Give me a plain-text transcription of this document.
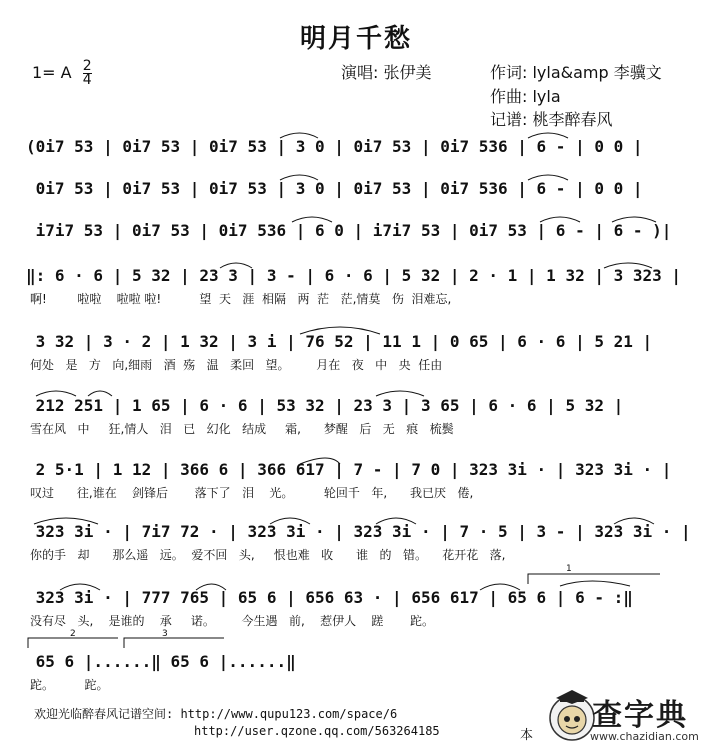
明月千愁
1= A $\frac{2}{4}$	演唱: 张伊美	作词: lyla&amp 李骥文
作曲: lyla
记谱: 桃李醉春风
(0i7 53 | 0i7 53 | 0i7 53 | 3 0 | 0i7 53 | 0i7 536 | 6 - | 0 0 |
0i7 53 | 0i7 53 | 0i7 53 | 3 0 | 0i7 53 | 0i7 536 | 6 - | 0 0 |
i7i7 53 | 0i7 53 | 0i7 536 | 6 0 | i7i7 53 | 0i7 53 | 6 - | 6 - )|
‖: 6 · 6 | 5 32 | 23 3 | 3 - | 6 · 6 | 5 32 | 2 · 1 | 1 32 | 3 323 |
啊!        啦啦    啦啦 啦!          望  天   涯  相隔   两  茫   茫,情莫   伤  泪难忘,
3 32 | 3 · 2 | 1 32 | 3 i | 76 52 | 11 1 | 0 65 | 6 · 6 | 5 21 |
何处   是   方   向,细雨   酒  殇   温   柔回   望。       月在   夜   中   央  任由
212 251 | 1 65 | 6 · 6 | 53 32 | 23 3 | 3 65 | 6 · 6 | 5 32 |
雪在风   中     狂,情人   泪   已   幻化   结成     霜,      梦醒   后   无   痕   梳鬓
2 5·1 | 1 12 | 366 6 | 366 617 | 7 - | 7 0 | 323 3i · | 323 3i · |
叹过      往,谁在    剑锋后       落下了   泪    光。        轮回千   年,      我已厌   倦,
323 3i · | 7i7 72 · | 323 3i · | 323 3i · | 7 · 5 | 3 - | 323 3i · |
你的手   却      那么遥   远。  爱不回   头,     恨也难   收      谁   的   错。    花开花   落,
323 3i · | 777 765 | 65 6 | 656 63 · | 656 617 | 65 6 | 6 - :‖
没有尽   头,    是谁的    承     诺。       今生遇   前,    惹伊人    蹉       跎。
65 6 |......‖ 65 6 |......‖
跎。        跎。
1
2	3
欢迎光临醉春风记谱空间: http://www.qupu123.com/space/6
http://user.qzone.qq.com/563264185	本
查字典
www.chazidian.com
